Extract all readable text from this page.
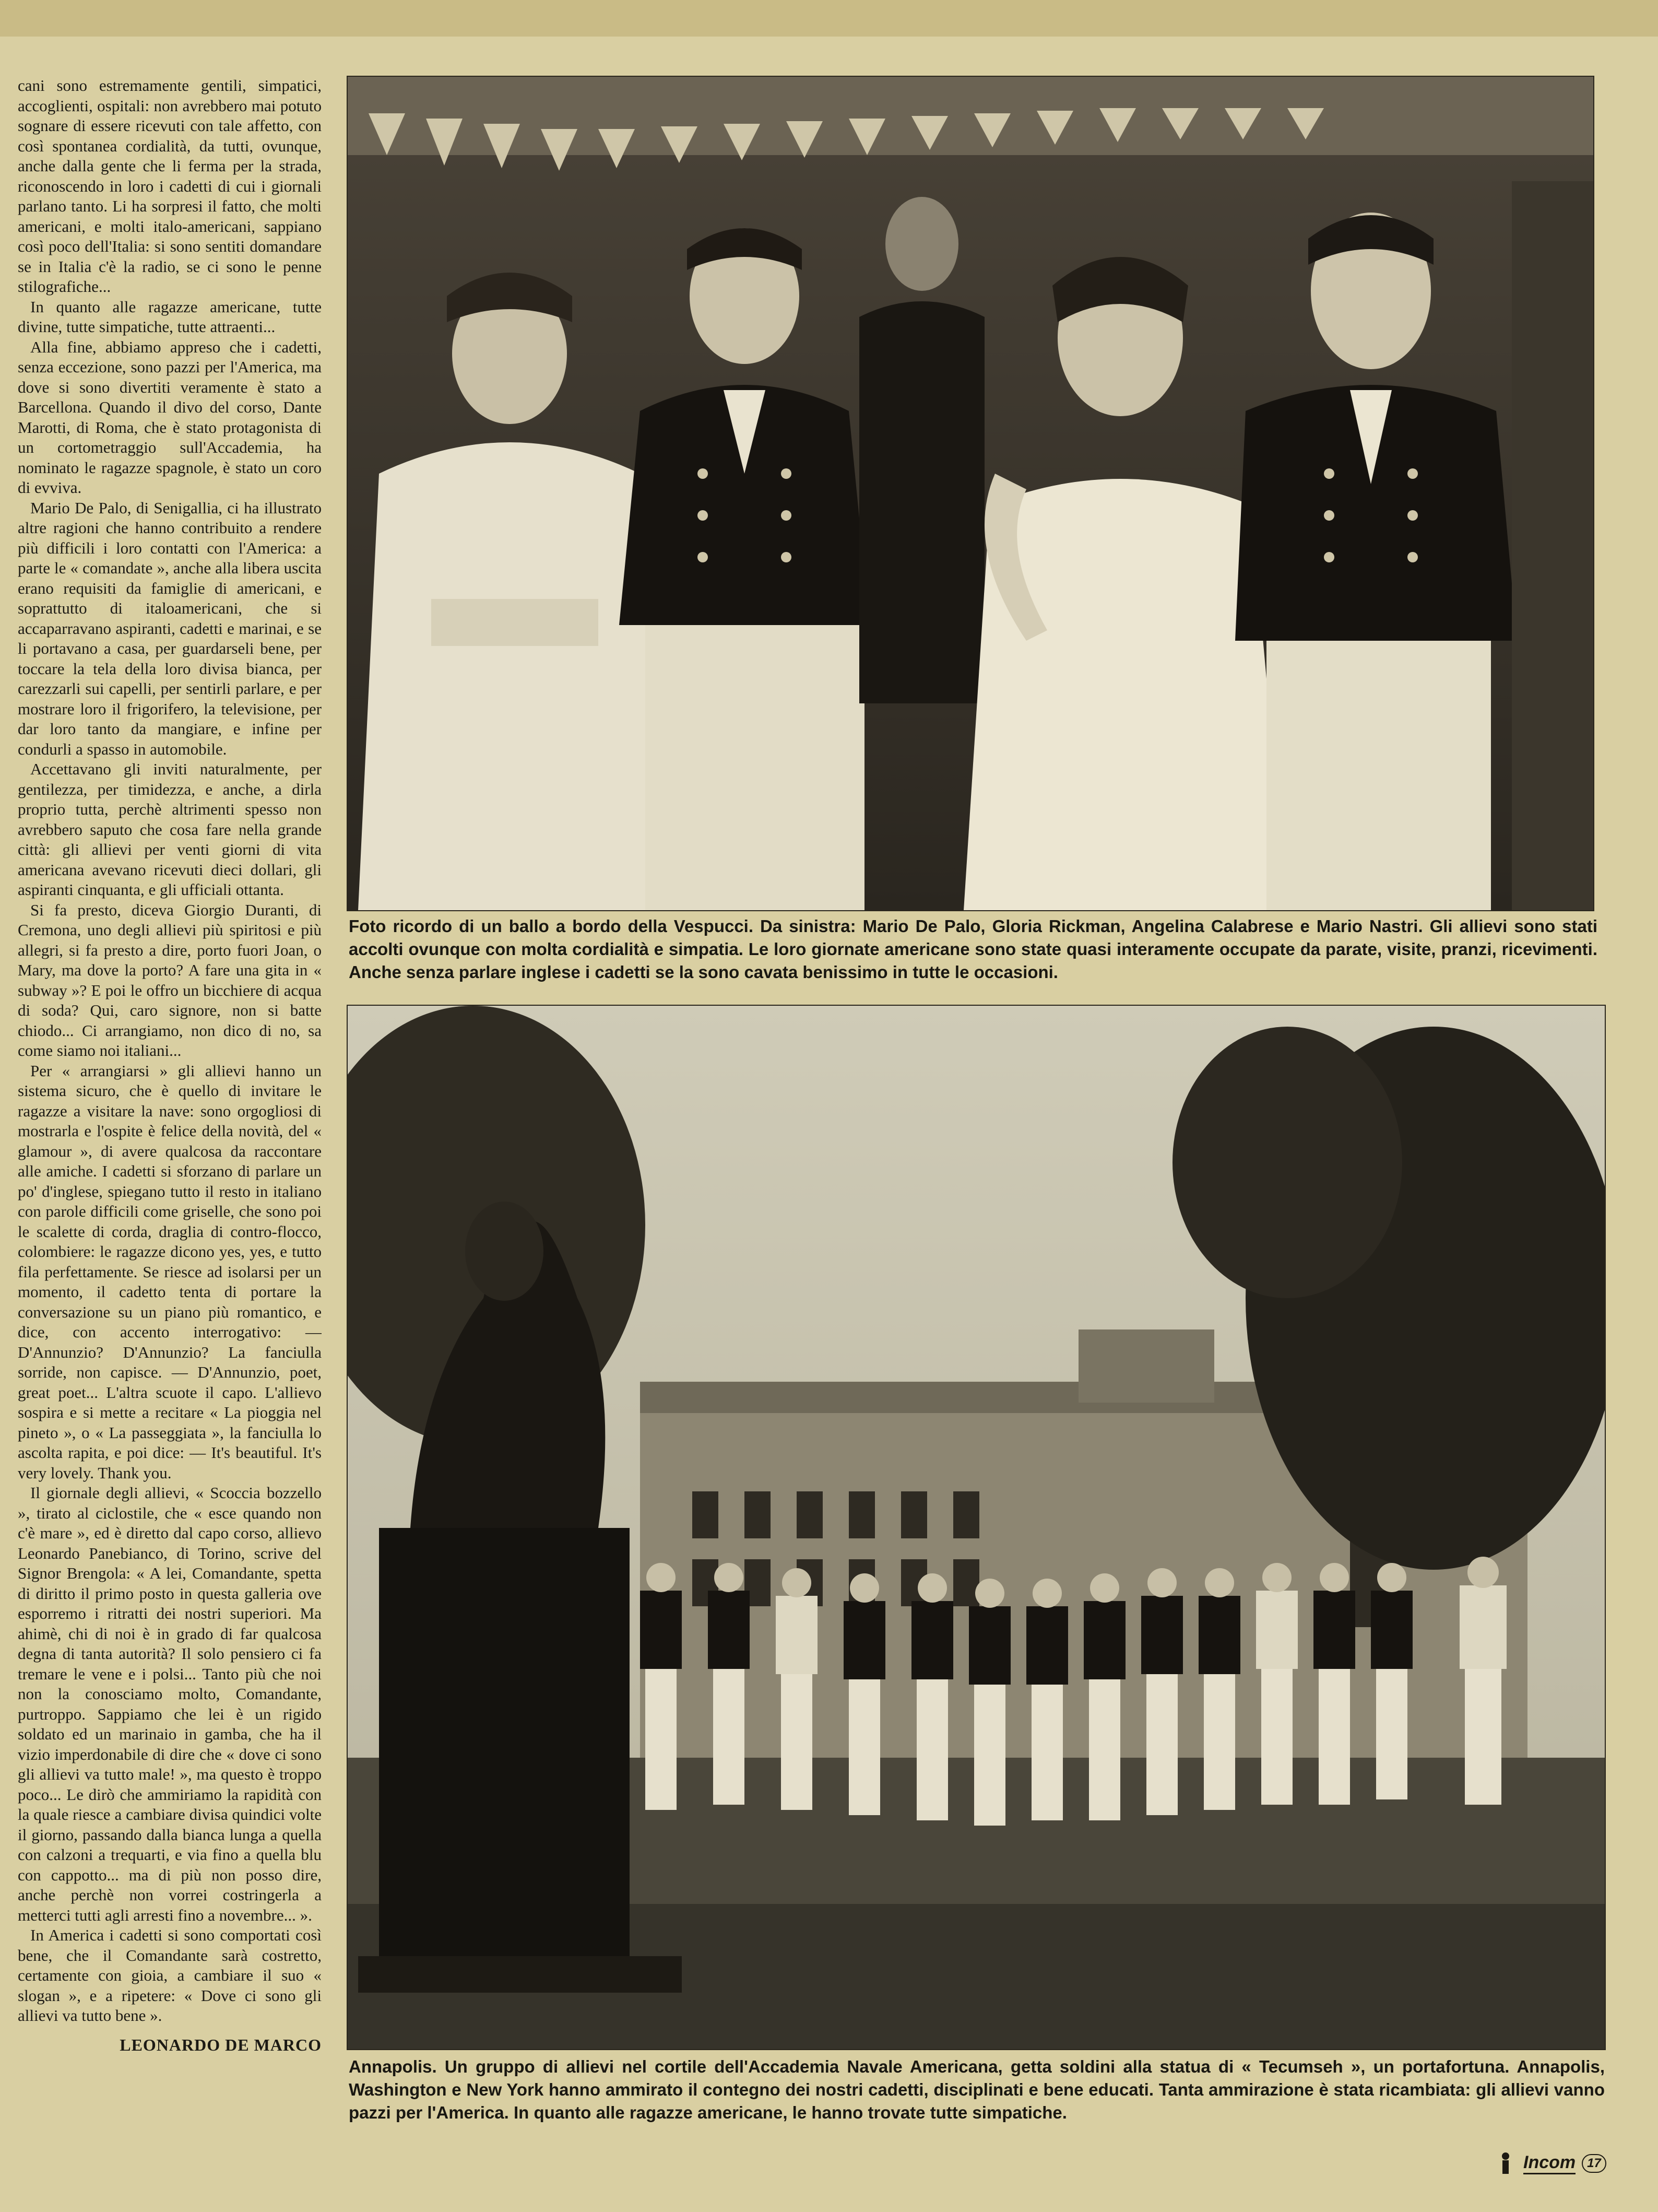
cani sono estremamente gentili, simpatici, accoglienti, ospitali: non avrebbero mai potuto sognare di essere ricevuti con tale affetto, con così spontanea cordialità, da tutti, ovunque, anche dalla gente che li ferma per la strada, riconoscendo in loro i cadetti di cui i giornali parlano tanto. Li ha sorpresi il fatto, che molti americani, e molti italo-americani, sappiano così poco dell'Italia: si sono sentiti domandare se in Italia c'è la radio, se ci sono le penne stilografiche...

In quanto alle ragazze americane, tutte divine, tutte simpatiche, tutte attraenti...

Alla fine, abbiamo appreso che i cadetti, senza eccezione, sono pazzi per l'America, ma dove si sono divertiti veramente è stato a Barcellona. Quando il divo del corso, Dante Marotti, di Roma, che è stato protagonista di un cortometraggio sull'Accademia, ha nominato le ragazze spagnole, è stato un coro di evviva.

Mario De Palo, di Senigallia, ci ha illustrato altre ragioni che hanno contribuito a rendere più difficili i loro contatti con l'America: a parte le « comandate », anche alla libera uscita erano requisiti da famiglie di americani, e soprattutto di italoamericani, che si accaparravano aspiranti, cadetti e marinai, e se li portavano a casa, per guardarseli bene, per toccare la tela della loro divisa bianca, per carezzarli sui capelli, per sentirli parlare, e per mostrare loro il frigorifero, la televisione, per dar loro tanto da mangiare, e infine per condurli a spasso in automobile.

Accettavano gli inviti naturalmente, per gentilezza, per timidezza, e anche, a dirla proprio tutta, perchè altrimenti spesso non avrebbero saputo che cosa fare nella grande città: gli allievi per venti giorni di vita americana avevano ricevuti dieci dollari, gli aspiranti cinquanta, e gli ufficiali ottanta.

Si fa presto, diceva Giorgio Duranti, di Cremona, uno degli allievi più spiritosi e più allegri, si fa presto a dire, porto fuori Joan, o Mary, ma dove la porto? A fare una gita in « subway »? E poi le offro un bicchiere di acqua di soda? Qui, caro signore, non si batte chiodo... Ci arrangiamo, non dico di no, sa come siamo noi italiani...

Per « arrangiarsi » gli allievi hanno un sistema sicuro, che è quello di invitare le ragazze a visitare la nave: sono orgogliosi di mostrarla e l'ospite è felice della novità, del « glamour », di avere qualcosa da raccontare alle amiche. I cadetti si sforzano di parlare un po' d'inglese, spiegano tutto il resto in italiano con parole difficili come griselle, che sono poi le scalette di corda, draglia di contro-flocco, colombiere: le ragazze dicono yes, yes, e tutto fila perfettamente. Se riesce ad isolarsi per un momento, il cadetto tenta di portare la conversazione su un piano più romantico, e dice, con accento interrogativo: — D'Annunzio? D'Annunzio? La fanciulla sorride, non capisce. — D'Annunzio, poet, great poet... L'altra scuote il capo. L'allievo sospira e si mette a recitare « La pioggia nel pineto », o « La passeggiata », la fanciulla lo ascolta rapita, e poi dice: — It's beautiful. It's very lovely. Thank you.

Il giornale degli allievi, « Scoccia bozzello », tirato al ciclostile, che « esce quando non c'è mare », ed è diretto dal capo corso, allievo Leonardo Panebianco, di Torino, scrive del Signor Brengola: « A lei, Comandante, spetta di diritto il primo posto in questa galleria ove esporremo i ritratti dei nostri superiori. Ma ahimè, chi di noi è in grado di far qualcosa degna di tanta autorità? Il solo pensiero ci fa tremare le vene e i polsi... Tanto più che noi non la conosciamo molto, Comandante, purtroppo. Sappiamo che lei è un rigido soldato ed un marinaio in gamba, che ha il vizio imperdonabile di dire che « dove ci sono gli allievi va tutto male! », ma questo è troppo poco... Le dirò che ammiriamo la rapidità con la quale riesce a cambiare divisa quindici volte il giorno, passando dalla bianca lunga a quella con calzoni a trequarti, e via fino a quella blu con cappotto... ma di più non posso dire, anche perchè non vorrei costringerla a metterci tutti agli arresti fino a novembre... ».

In America i cadetti si sono comportati così bene, che il Comandante sarà costretto, certamente con gioia, a cambiare il suo « slogan », e a ripetere: « Dove ci sono gli allievi va tutto bene ».

LEONARDO DE MARCO

Foto ricordo di un ballo a bordo della Vespucci. Da sinistra: Mario De Palo, Gloria Rickman, Angelina Calabrese e Mario Nastri. Gli allievi sono stati accolti ovunque con molta cordialità e simpatia. Le loro giornate americane sono state quasi interamente occupate da parate, visite, pranzi, ricevimenti. Anche senza parlare inglese i cadetti se la sono cavata benissimo in tutte le occasioni.

Annapolis. Un gruppo di allievi nel cortile dell'Accademia Navale Americana, getta soldini alla statua di « Tecumseh », un portafortuna. Annapolis, Washington e New York hanno ammirato il contegno dei nostri cadetti, disciplinati e bene educati. Tanta ammirazione è stata ricambiata: gli allievi vanno pazzi per l'America. In quanto alle ragazze americane, le hanno trovate tutte simpatiche.

Incom 17
